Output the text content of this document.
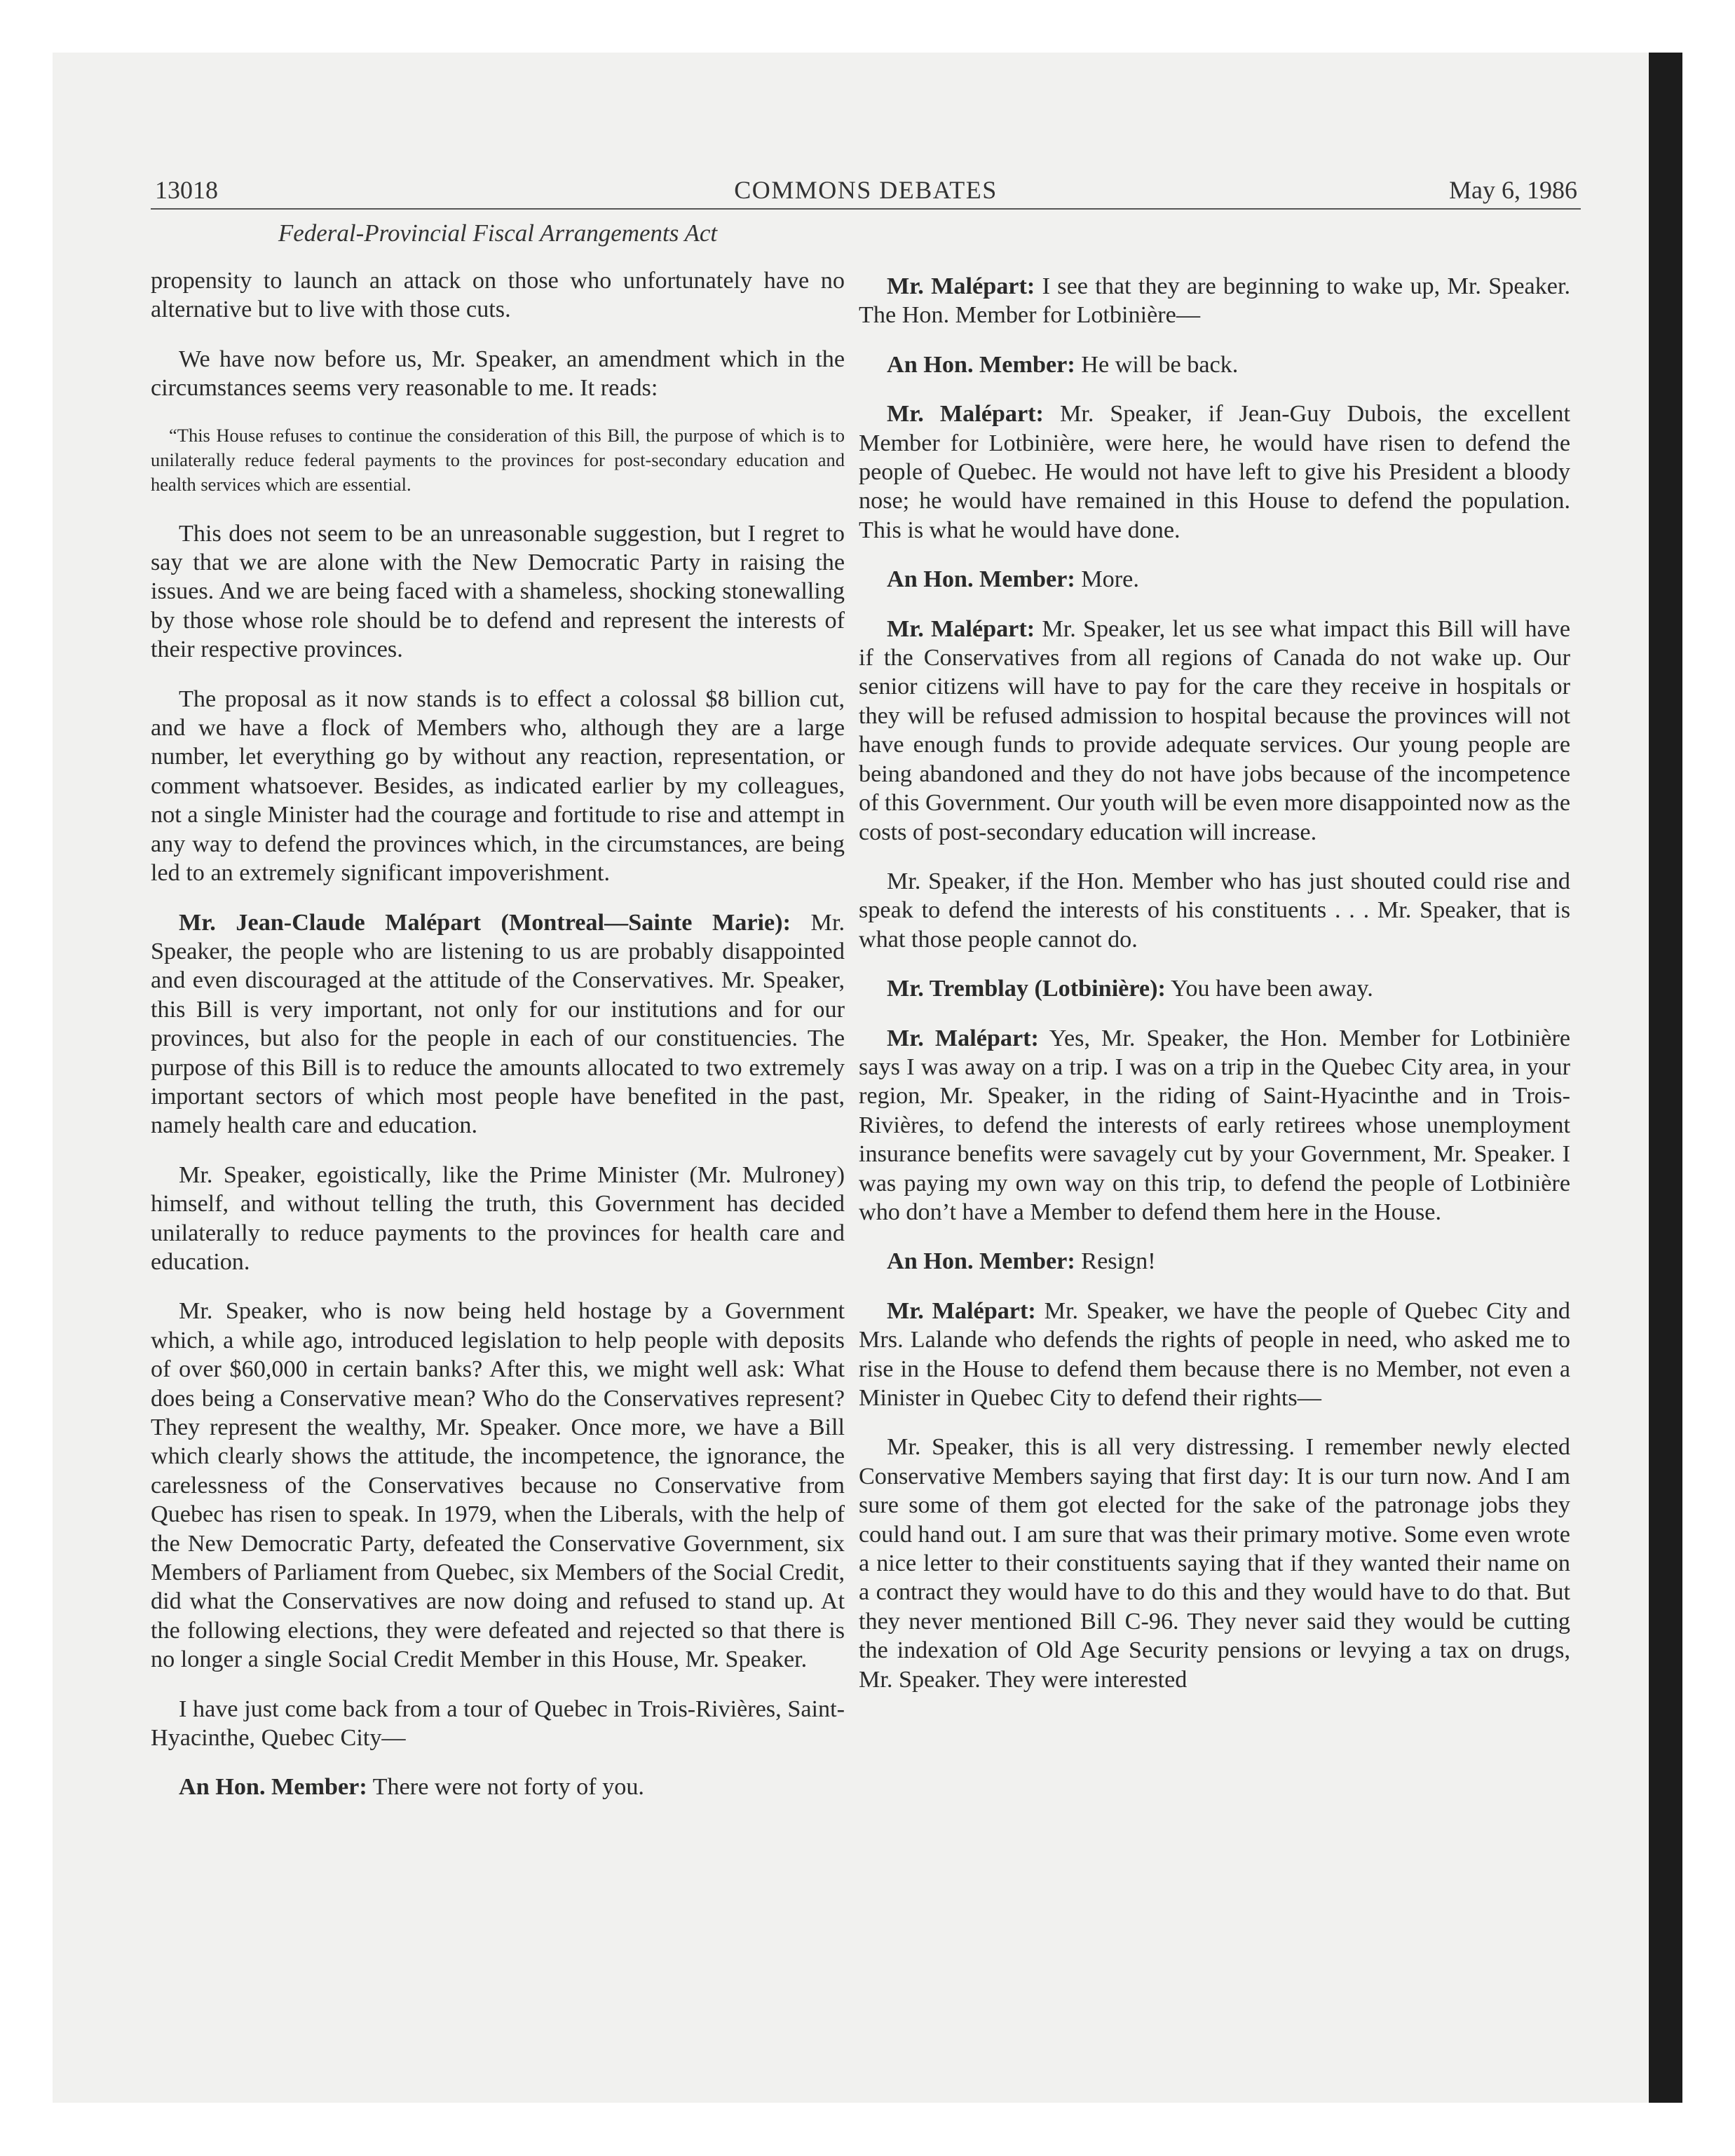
13018	COMMONS DEBATES	May 6, 1986
Federal-Provincial Fiscal Arrangements Act

propensity to launch an attack on those who unfortunately have no alternative but to live with those cuts.

We have now before us, Mr. Speaker, an amendment which in the circumstances seems very reasonable to me. It reads:

“This House refuses to continue the consideration of this Bill, the purpose of which is to unilaterally reduce federal payments to the provinces for post-secondary education and health services which are essential.

This does not seem to be an unreasonable suggestion, but I regret to say that we are alone with the New Democratic Party in raising the issues. And we are being faced with a shameless, shocking stonewalling by those whose role should be to defend and represent the interests of their respective provinces.

The proposal as it now stands is to effect a colossal $8 billion cut, and we have a flock of Members who, although they are a large number, let everything go by without any reaction, representation, or comment whatsoever. Besides, as indicated earlier by my colleagues, not a single Minister had the courage and fortitude to rise and attempt in any way to defend the provinces which, in the circumstances, are being led to an extremely significant impoverishment.

Mr. Jean-Claude Malépart (Montreal—Sainte Marie): Mr. Speaker, the people who are listening to us are probably disappointed and even discouraged at the attitude of the Conservatives. Mr. Speaker, this Bill is very important, not only for our institutions and for our provinces, but also for the people in each of our constituencies. The purpose of this Bill is to reduce the amounts allocated to two extremely important sectors of which most people have benefited in the past, namely health care and education.

Mr. Speaker, egoistically, like the Prime Minister (Mr. Mulroney) himself, and without telling the truth, this Government has decided unilaterally to reduce payments to the provinces for health care and education.

Mr. Speaker, who is now being held hostage by a Government which, a while ago, introduced legislation to help people with deposits of over $60,000 in certain banks? After this, we might well ask: What does being a Conservative mean? Who do the Conservatives represent? They represent the wealthy, Mr. Speaker. Once more, we have a Bill which clearly shows the attitude, the incompetence, the ignorance, the carelessness of the Conservatives because no Conservative from Quebec has risen to speak. In 1979, when the Liberals, with the help of the New Democratic Party, defeated the Conservative Government, six Members of Parliament from Quebec, six Members of the Social Credit, did what the Conservatives are now doing and refused to stand up. At the following elections, they were defeated and rejected so that there is no longer a single Social Credit Member in this House, Mr. Speaker.

I have just come back from a tour of Quebec in Trois-Rivières, Saint-Hyacinthe, Quebec City—

An Hon. Member: There were not forty of you.

Mr. Malépart: I see that they are beginning to wake up, Mr. Speaker. The Hon. Member for Lotbinière—

An Hon. Member: He will be back.

Mr. Malépart: Mr. Speaker, if Jean-Guy Dubois, the excellent Member for Lotbinière, were here, he would have risen to defend the people of Quebec. He would not have left to give his President a bloody nose; he would have remained in this House to defend the population. This is what he would have done.

An Hon. Member: More.

Mr. Malépart: Mr. Speaker, let us see what impact this Bill will have if the Conservatives from all regions of Canada do not wake up. Our senior citizens will have to pay for the care they receive in hospitals or they will be refused admission to hospital because the provinces will not have enough funds to provide adequate services. Our young people are being abandoned and they do not have jobs because of the incompetence of this Government. Our youth will be even more disappointed now as the costs of post-secondary education will increase.

Mr. Speaker, if the Hon. Member who has just shouted could rise and speak to defend the interests of his constituents . . . Mr. Speaker, that is what those people cannot do.

Mr. Tremblay (Lotbinière): You have been away.

Mr. Malépart: Yes, Mr. Speaker, the Hon. Member for Lotbinière says I was away on a trip. I was on a trip in the Quebec City area, in your region, Mr. Speaker, in the riding of Saint-Hyacinthe and in Trois-Rivières, to defend the interests of early retirees whose unemployment insurance benefits were savagely cut by your Government, Mr. Speaker. I was paying my own way on this trip, to defend the people of Lotbinière who don’t have a Member to defend them here in the House.

An Hon. Member: Resign!

Mr. Malépart: Mr. Speaker, we have the people of Quebec City and Mrs. Lalande who defends the rights of people in need, who asked me to rise in the House to defend them because there is no Member, not even a Minister in Quebec City to defend their rights—

Mr. Speaker, this is all very distressing. I remember newly elected Conservative Members saying that first day: It is our turn now. And I am sure some of them got elected for the sake of the patronage jobs they could hand out. I am sure that was their primary motive. Some even wrote a nice letter to their constituents saying that if they wanted their name on a contract they would have to do this and they would have to do that. But they never mentioned Bill C-96. They never said they would be cutting the indexation of Old Age Security pensions or levying a tax on drugs, Mr. Speaker. They were interested
